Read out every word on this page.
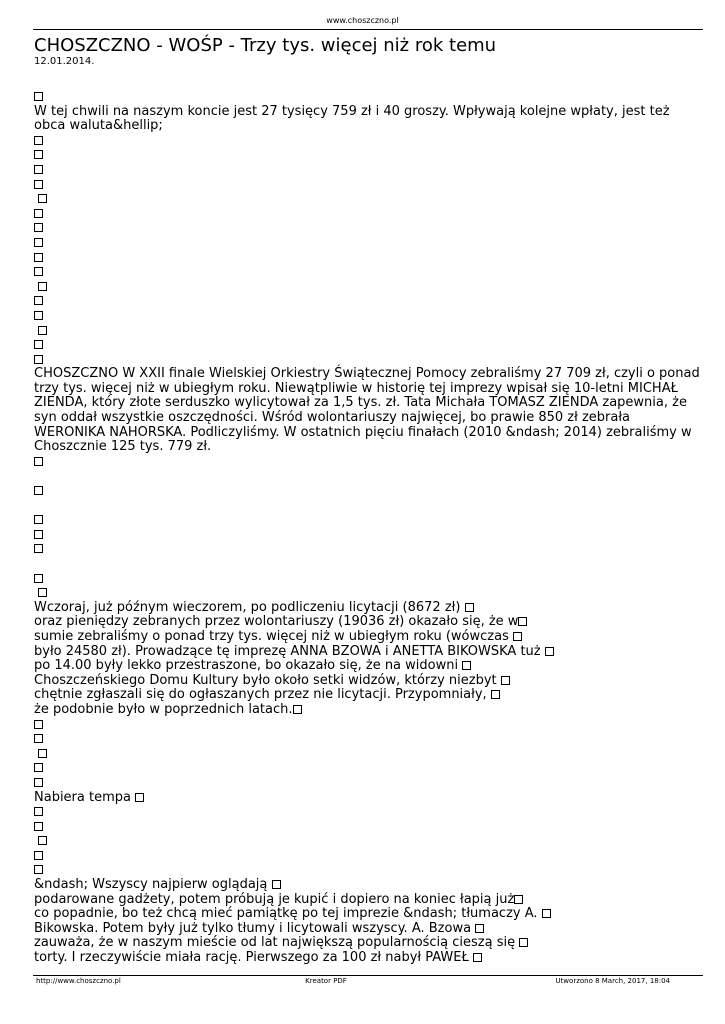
www.choszczno.pl
CHOSZCZNO - WOŚP - Trzy tys. więcej niż rok temu
12.01.2014.
W tej chwili na naszym koncie jest 27 tysięcy 759 zł i 40 groszy. Wpływają kolejne wpłaty, jest też obca waluta&hellip;

CHOSZCZNO W XXII finale Wielskiej Orkiestry Świątecznej Pomocy zebraliśmy 27 709 zł, czyli o ponad trzy tys. więcej niż w ubiegłym roku. Niewątpliwie w historię tej imprezy wpisał się 10-letni MICHAŁ ZIENDA, który złote serduszko wylicytował za 1,5 tys. zł. Tata Michała TOMASZ ZIENDA zapewnia, że syn oddał wszystkie oszczędności. Wśród wolontariuszy najwięcej, bo prawie 850 zł zebrała WERONIKA NAHORSKA. Podliczyliśmy. W ostatnich pięciu finałach (2010 &ndash; 2014) zebraliśmy w Choszcznie 125 tys. 779 zł.

Wczoraj, już późnym wieczorem, po podliczeniu licytacji (8672 zł)
oraz pieniędzy zebranych przez wolontariuszy (19036 zł) okazało się, że w
sumie zebraliśmy o ponad trzy tys. więcej niż w ubiegłym roku (wówczas
było 24580 zł). Prowadzące tę imprezę ANNA BZOWA i ANETTA BIKOWSKA tuż
po 14.00 były lekko przestraszone, bo okazało się, że na widowni
Choszczeńskiego Domu Kultury było około setki widzów, którzy niezbyt
chętnie zgłaszali się do ogłaszanych przez nie licytacji. Przypomniały,
że podobnie było w poprzednich latach.

Nabiera tempa

&ndash; Wszyscy najpierw oglądają
podarowane gadżety, potem próbują je kupić i dopiero na koniec łapią już
co popadnie, bo też chcą mieć pamiątkę po tej imprezie &ndash; tłumaczy A.
Bikowska. Potem były już tylko tłumy i licytowali wszyscy. A. Bzowa
zauważa, że w naszym mieście od lat największą popularnością cieszą się
torty. I rzeczywiście miała rację. Pierwszego za 100 zł nabył PAWEŁ
http://www.choszczno.pl	Kreator PDF	Utworzono 8 March, 2017, 18:04
